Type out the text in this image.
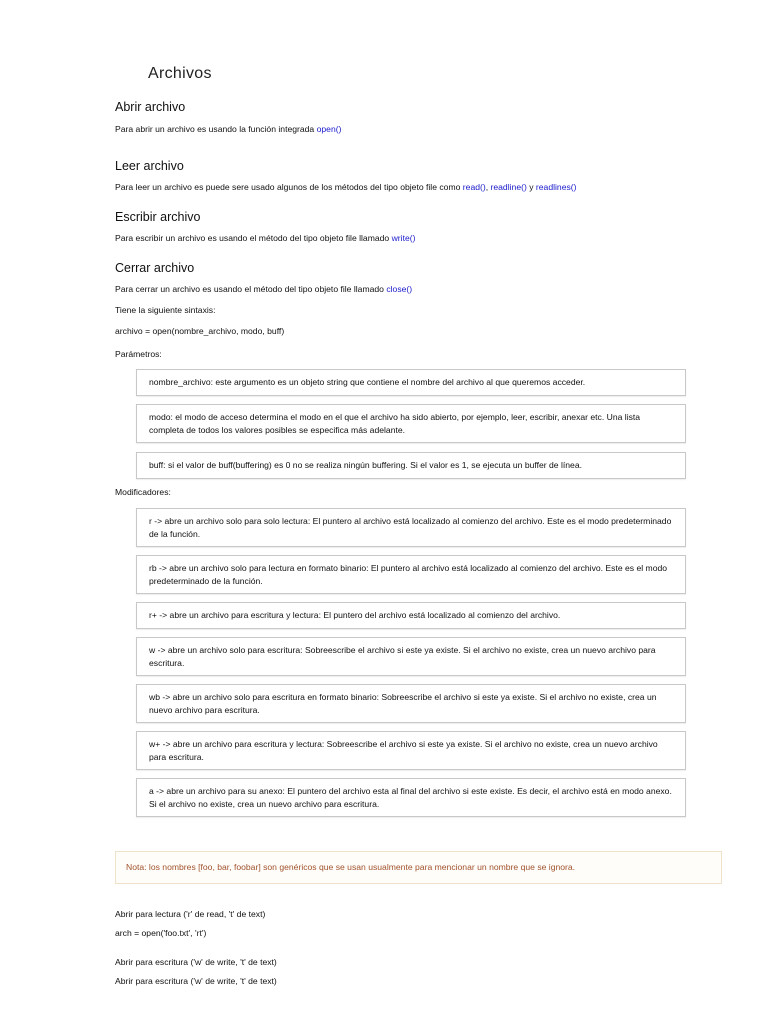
Archivos
Abrir archivo
Para abrir un archivo es usando la función integrada open()
Leer archivo
Para leer un archivo es puede sere usado algunos de los métodos del tipo objeto file como read(), readline() y readlines()
Escribir archivo
Para escribir un archivo es usando el método del tipo objeto file llamado write()
Cerrar archivo
Para cerrar un archivo es usando el método del tipo objeto file llamado close()
Tiene la siguiente sintaxis:
archivo = open(nombre_archivo, modo, buff)
Parámetros:
nombre_archivo: este argumento es un objeto string que contiene el nombre del archivo al que queremos acceder.
modo: el modo de acceso determina el modo en el que el archivo ha sido abierto, por ejemplo, leer, escribir, anexar etc. Una lista completa de todos los valores posibles se especifica más adelante.
buff: si el valor de buff(buffering) es 0 no se realiza ningún buffering. Si el valor es 1, se ejecuta un buffer de línea.
Modificadores:
r -> abre un archivo solo para solo lectura: El puntero al archivo está localizado al comienzo del archivo. Este es el modo predeterminado de la función.
rb -> abre un archivo solo para lectura en formato binario: El puntero al archivo está localizado al comienzo del archivo. Este es el modo predeterminado de la función.
r+ -> abre un archivo para escritura y lectura: El puntero del archivo está localizado al comienzo del archivo.
w -> abre un archivo solo para escritura: Sobreescribe el archivo si este ya existe. Si el archivo no existe, crea un nuevo archivo para escritura.
wb -> abre un archivo solo para escritura en formato binario: Sobreescribe el archivo si este ya existe. Si el archivo no existe, crea un nuevo archivo para escritura.
w+ -> abre un archivo para escritura y lectura: Sobreescribe el archivo si este ya existe. Si el archivo no existe, crea un nuevo archivo para escritura.
a -> abre un archivo para su anexo: El puntero del archivo esta al final del archivo si este existe. Es decir, el archivo está en modo anexo. Si el archivo no existe, crea un nuevo archivo para escritura.
Nota: los nombres [foo, bar, foobar] son genéricos que se usan usualmente para mencionar un nombre que se ignora.
Abrir para lectura ('r' de read, 't' de text)
arch = open('foo.txt', 'rt')
Abrir para escritura ('w' de write, 't' de text)
Abrir para escritura ('w' de write, 't' de text)
